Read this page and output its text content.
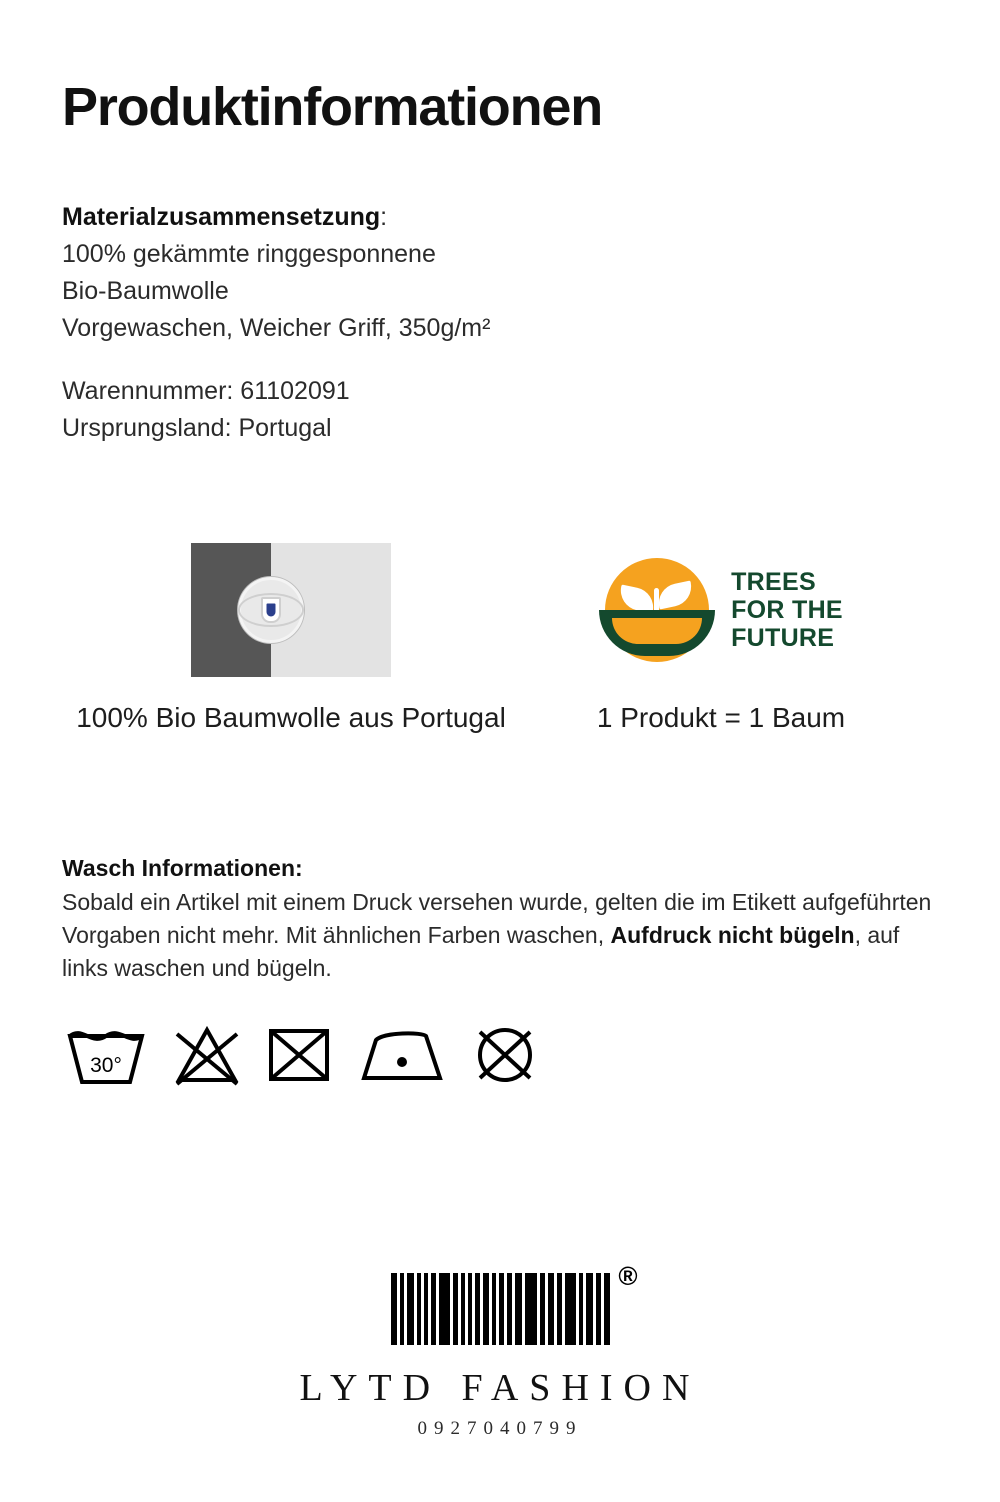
Produktinformationen
Materialzusammensetzung:
100% gekämmte ringgesponnene
Bio-Baumwolle
Vorgewaschen, Weicher Griff, 350g/m²
Warennummer: 61102091
Ursprungsland: Portugal
100% Bio Baumwolle aus Portugal
TREES
FOR THE
FUTURE
1 Produkt = 1 Baum

Wasch Informationen:

Sobald ein Artikel mit einem Druck versehen wurde, gelten die im Etikett aufgeführten Vorgaben nicht mehr. Mit ähnlichen Farben waschen, Aufdruck nicht bügeln, auf links waschen und bügeln.

30°
®
LYTD FASHION
0927040799
